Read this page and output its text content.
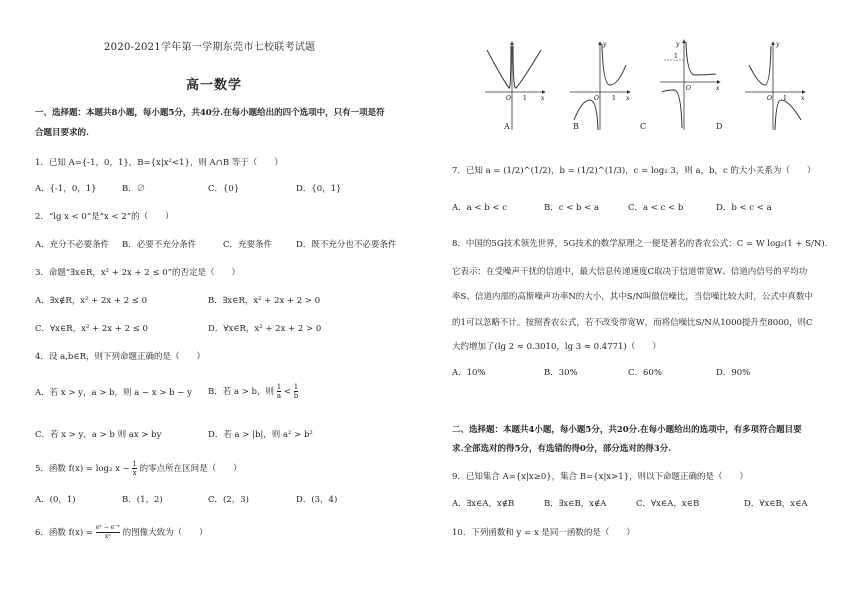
2020-2021学年第一学期东莞市七校联考试题
高一数学
一、选择题：本题共8小题，每小题5分，共40分.在每小题给出的四个选项中，只有一项是符
合题目要求的.
1．已知 A={-1，0，1}，B={x|x²<1}，则 A∩B 等于（　　）
A．{-1，0，1}	B．∅	C．{0}	D．{0，1}
2．“lg x < 0”是“x < 2”的（　　）
A．充分不必要条件 B．必要不充分条件	C．充要条件	D．既不充分也不必要条件
3．命题“∃x∈R，x² + 2x + 2 ≤ 0”的否定是（　　）
A．∃x∉R，x² + 2x + 2 ≤ 0	B．∃x∈R，x² + 2x + 2 > 0
C．∀x∈R，x² + 2x + 2 ≤ 0	D．∀x∈R，x² + 2x + 2 > 0
4．设 a,b∈R，则下列命题正确的是（　　）
A．若 x > y，a > b，则 a − x > b − y B．若 a > b，则 $\frac{1}{a} < \frac{1}{b}$
C．若 x > y，a > b 则 ax > by	D．若 a > |b|，则 a² > b²
5．函数 f(x) = log₂ $x - \frac{1}{x}$ 的零点所在区间是（　　）
A．(0，1)	B．(1，2)	C．(2，3)	D．(3，4)
6．函数 $f(x) = \frac{\text{eˣ − e⁻ˣ}}{\text{x²}}$ 的图像大致为（　　）
O 1 x	O 1 x
y
1
O	x
y
O 1 x
y
A	B	C	D
7．已知 a = (1/2)^(1/2)，b = (1/2)^(1/3)，c = log₂ 3，则 a，b，c 的大小关系为（　　）
A．a < b < c	B．c < b < a	C．a < c < b	D．b < c < a
8．中国的5G技术领先世界，5G技术的数学原理之一便是著名的香农公式：C = W log₂(1 + S/N).
它表示：在受噪声干扰的信道中，最大信息传递速度C取决于信道带宽W、信道内信号的平均功
率S、信道内部的高斯噪声功率N的大小，其中S/N叫做信噪比，当信噪比较大时，公式中真数中
的1可以忽略不计。按照香农公式，若不改变带宽W，而将信噪比S/N从1000提升至8000，则C
大约增加了(lg 2 ≈ 0.3010，lg 3 ≈ 0.4771)（　　）
A．10%	B．30%	C．60%	D．90%
二、选择题：本题共4小题，每小题5分，共20分.在每小题给出的选项中，有多项符合题目要
求.全部选对的得5分，有选错的得0分，部分选对的得3分.
9．已知集合 A={x|x≥0}，集合 B={x|x>1}，则以下命题正确的是（　　）
A．∃x∈A，x∉B	B．∃x∈B，x∉A	C．∀x∈A，x∈B	D．∀x∈B，x∈A
10．下列函数和 y = x 是同一函数的是（　　）
